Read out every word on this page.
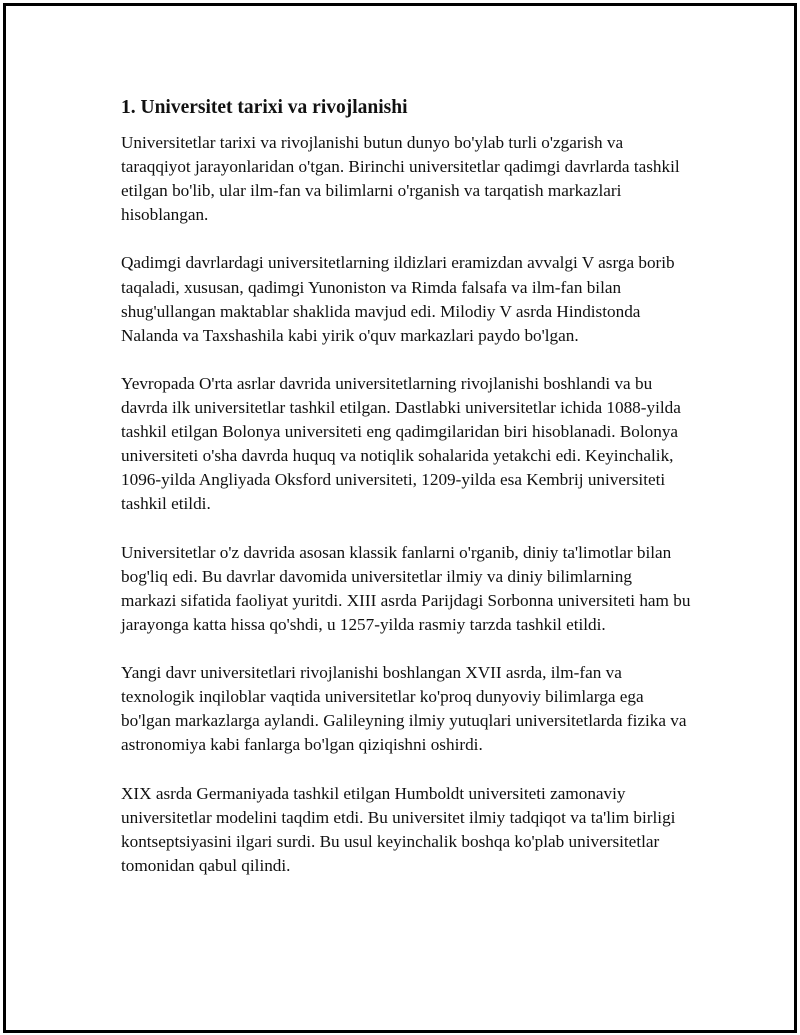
1. Universitet tarixi va rivojlanishi

Universitetlar tarixi va rivojlanishi butun dunyo bo'ylab turli o'zgarish va taraqqiyot jarayonlaridan o'tgan. Birinchi universitetlar qadimgi davrlarda tashkil etilgan bo'lib, ular ilm-fan va bilimlarni o'rganish va tarqatish markazlari hisoblangan.

Qadimgi davrlardagi universitetlarning ildizlari eramizdan avvalgi V asrga borib taqaladi, xususan, qadimgi Yunoniston va Rimda falsafa va ilm-fan bilan shug'ullangan maktablar shaklida mavjud edi. Milodiy V asrda Hindistonda Nalanda va Taxshashila kabi yirik o'quv markazlari paydo bo'lgan.

Yevropada O'rta asrlar davrida universitetlarning rivojlanishi boshlandi va bu davrda ilk universitetlar tashkil etilgan. Dastlabki universitetlar ichida 1088-yilda tashkil etilgan Bolonya universiteti eng qadimgilaridan biri hisoblanadi. Bolonya universiteti o'sha davrda huquq va notiqlik sohalarida yetakchi edi. Keyinchalik, 1096-yilda Angliyada Oksford universiteti, 1209-yilda esa Kembrij universiteti tashkil etildi.

Universitetlar o'z davrida asosan klassik fanlarni o'rganib, diniy ta'limotlar bilan bog'liq edi. Bu davrlar davomida universitetlar ilmiy va diniy bilimlarning markazi sifatida faoliyat yuritdi. XIII asrda Parijdagi Sorbonna universiteti ham bu jarayonga katta hissa qo'shdi, u 1257-yilda rasmiy tarzda tashkil etildi.

Yangi davr universitetlari rivojlanishi boshlangan XVII asrda, ilm-fan va texnologik inqiloblar vaqtida universitetlar ko'proq dunyoviy bilimlarga ega bo'lgan markazlarga aylandi. Galileyning ilmiy yutuqlari universitetlarda fizika va astronomiya kabi fanlarga bo'lgan qiziqishni oshirdi.

XIX asrda Germaniyada tashkil etilgan Humboldt universiteti zamonaviy universitetlar modelini taqdim etdi. Bu universitet ilmiy tadqiqot va ta'lim birligi kontseptsiyasini ilgari surdi. Bu usul keyinchalik boshqa ko'plab universitetlar tomonidan qabul qilindi.
